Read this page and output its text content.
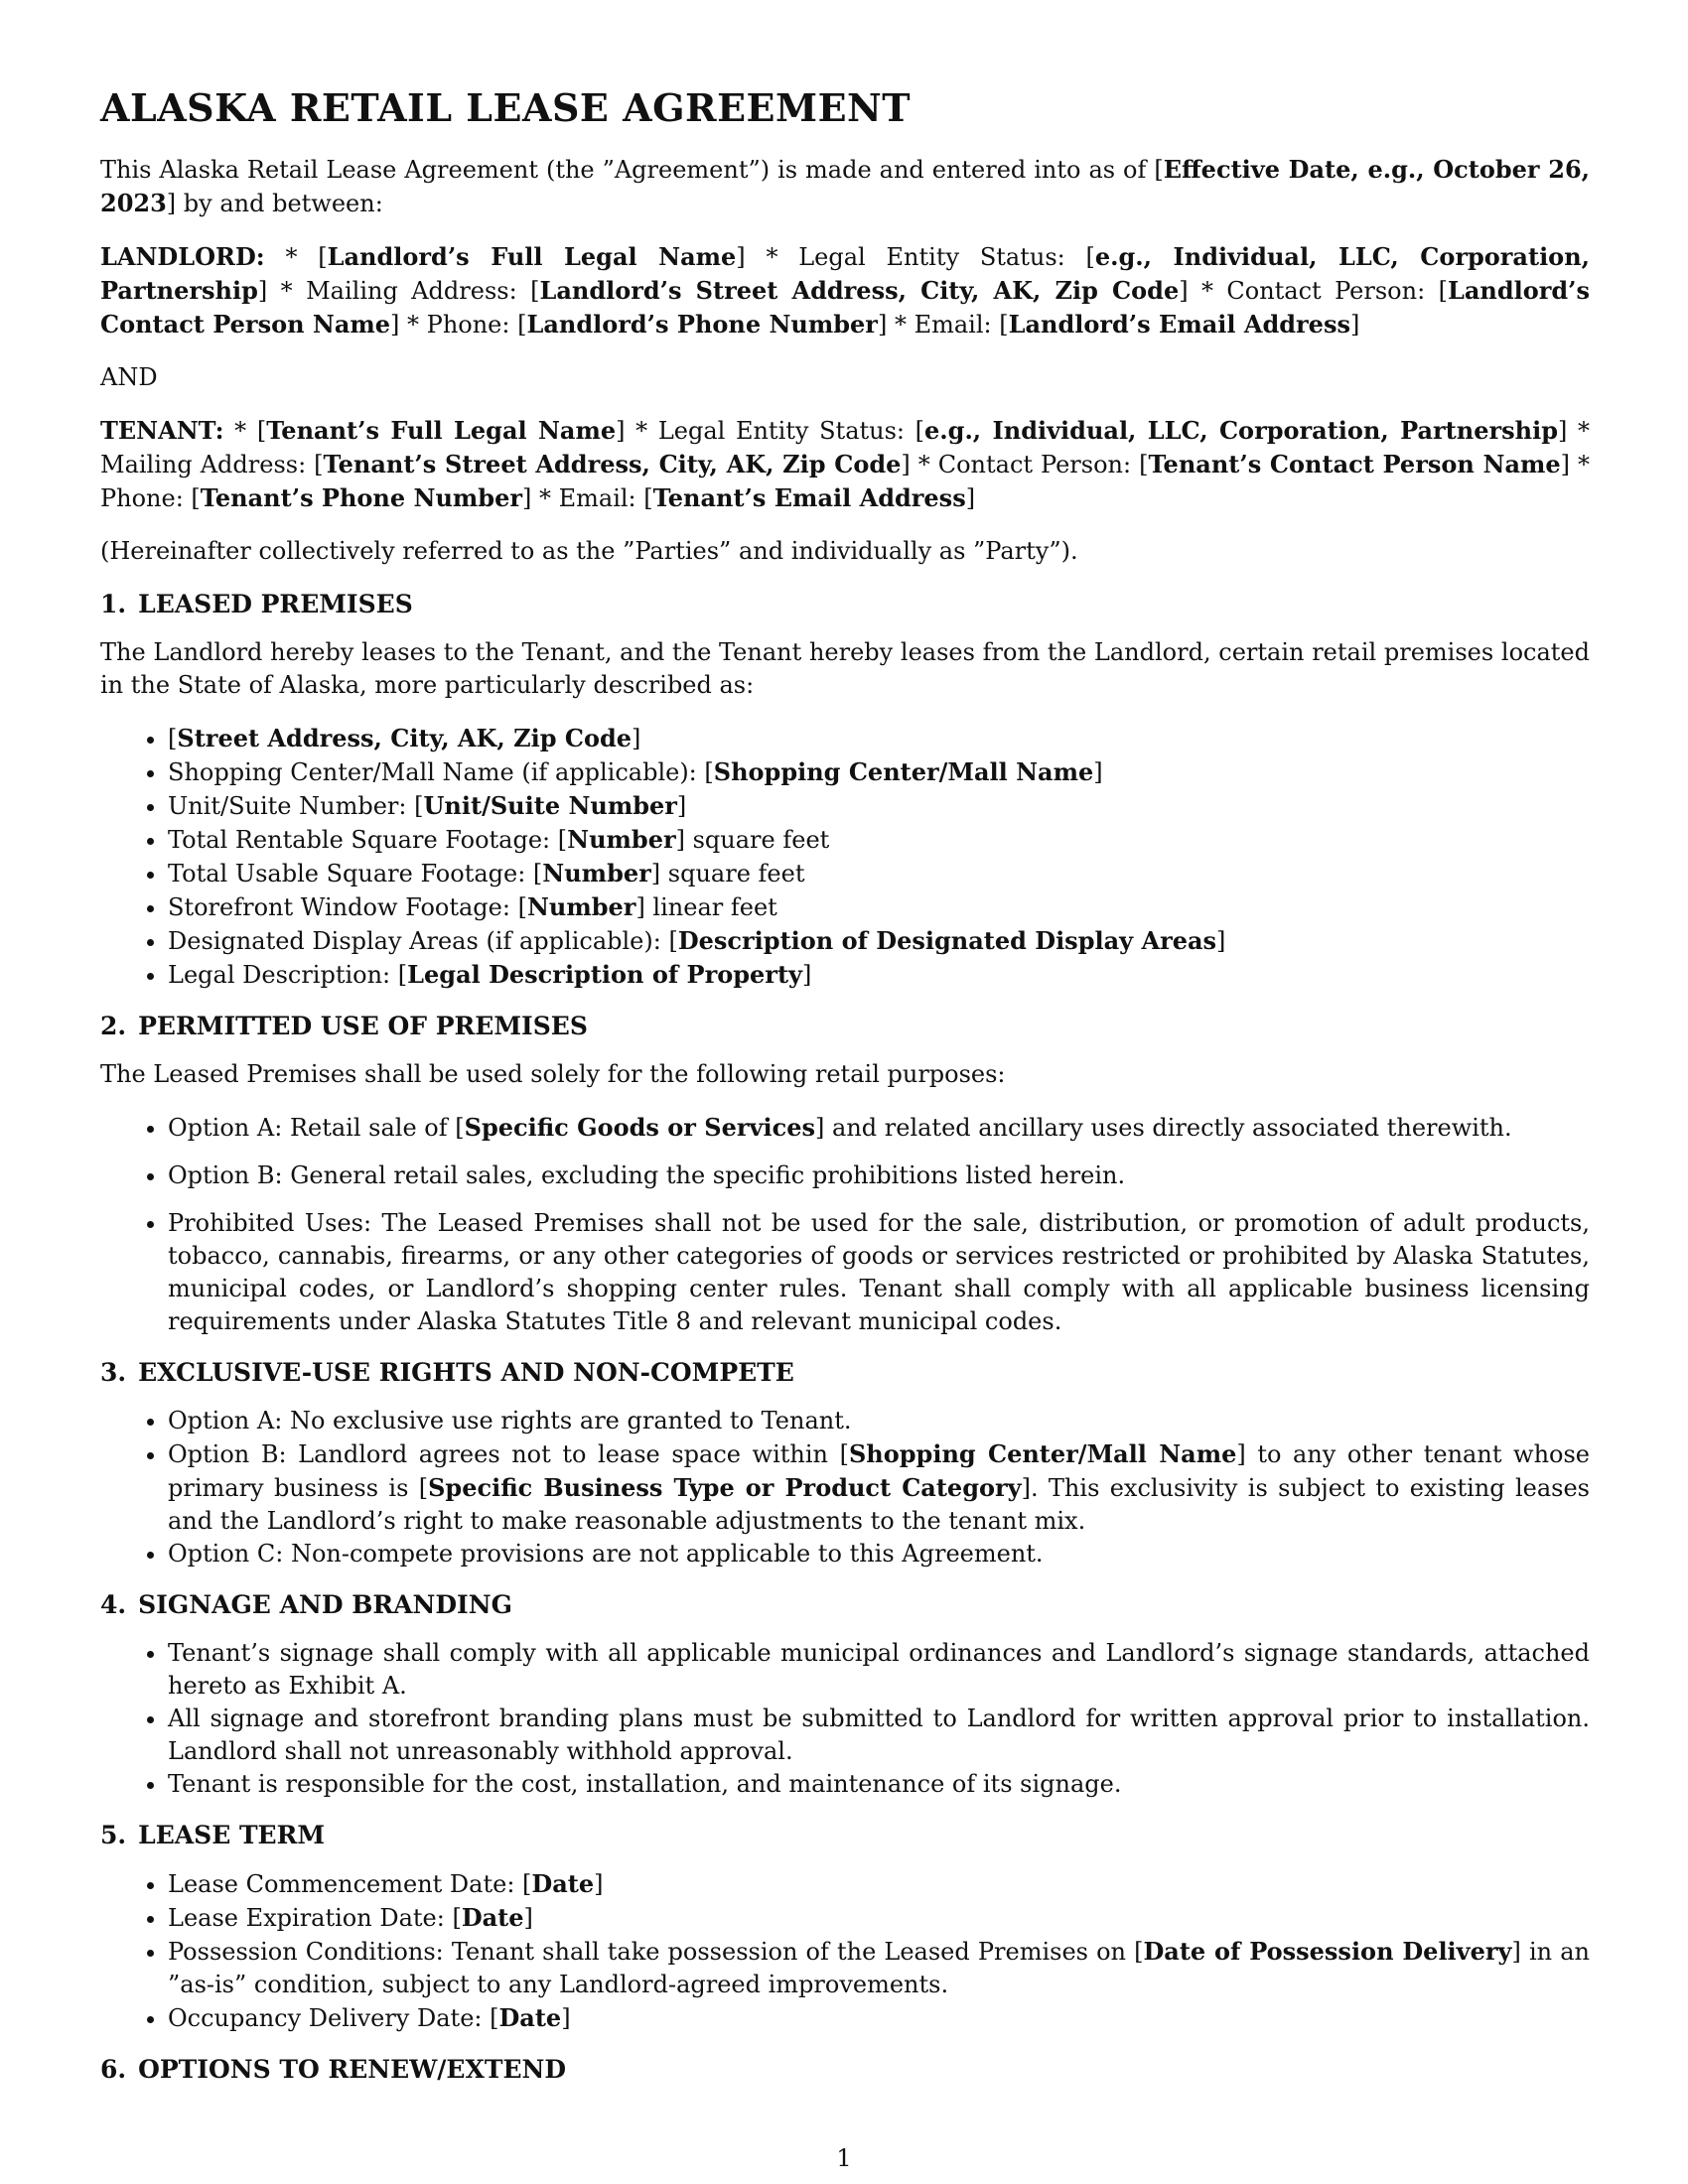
ALASKA RETAIL LEASE AGREEMENT

This Alaska Retail Lease Agreement (the ”Agreement”) is made and entered into as of [Effective Date, e.g., October 26, 2023] by and between:

LANDLORD: * [Landlord’s Full Legal Name] * Legal Entity Status: [e.g., Individual, LLC, Corporation, Partnership] * Mailing Address: [Landlord’s Street Address, City, AK, Zip Code] * Contact Person: [Landlord’s Contact Person Name] * Phone: [Landlord’s Phone Number] * Email: [Landlord’s Email Address]

AND

TENANT: * [Tenant’s Full Legal Name] * Legal Entity Status: [e.g., Individual, LLC, Corporation, Partnership] * Mailing Address: [Tenant’s Street Address, City, AK, Zip Code] * Contact Person: [Tenant’s Contact Person Name] * Phone: [Tenant’s Phone Number] * Email: [Tenant’s Email Address]

(Hereinafter collectively referred to as the ”Parties” and individually as ”Party”).

1. LEASED PREMISES

The Landlord hereby leases to the Tenant, and the Tenant hereby leases from the Landlord, certain retail premises located in the State of Alaska, more particularly described as:

• [Street Address, City, AK, Zip Code]
• Shopping Center/Mall Name (if applicable): [Shopping Center/Mall Name]
• Unit/Suite Number: [Unit/Suite Number]
• Total Rentable Square Footage: [Number] square feet
• Total Usable Square Footage: [Number] square feet
• Storefront Window Footage: [Number] linear feet
• Designated Display Areas (if applicable): [Description of Designated Display Areas]
• Legal Description: [Legal Description of Property]
2. PERMITTED USE OF PREMISES

The Leased Premises shall be used solely for the following retail purposes:

• Option A: Retail sale of [Specific Goods or Services] and related ancillary uses directly associated therewith.
• Option B: General retail sales, excluding the specific prohibitions listed herein.
• Prohibited Uses: The Leased Premises shall not be used for the sale, distribution, or promotion of adult products, tobacco, cannabis, firearms, or any other categories of goods or services restricted or prohibited by Alaska Statutes, municipal codes, or Landlord’s shopping center rules. Tenant shall comply with all applicable business licensing requirements under Alaska Statutes Title 8 and relevant municipal codes.
3. EXCLUSIVE-USE RIGHTS AND NON-COMPETE
• Option A: No exclusive use rights are granted to Tenant.
• Option B: Landlord agrees not to lease space within [Shopping Center/Mall Name] to any other tenant whose primary business is [Specific Business Type or Product Category]. This exclusivity is subject to existing leases and the Landlord’s right to make reasonable adjustments to the tenant mix.
• Option C: Non-compete provisions are not applicable to this Agreement.
4. SIGNAGE AND BRANDING
• Tenant’s signage shall comply with all applicable municipal ordinances and Landlord’s signage standards, attached hereto as Exhibit A.
• All signage and storefront branding plans must be submitted to Landlord for written approval prior to installation. Landlord shall not unreasonably withhold approval.
• Tenant is responsible for the cost, installation, and maintenance of its signage.
5. LEASE TERM
• Lease Commencement Date: [Date]
• Lease Expiration Date: [Date]
• Possession Conditions: Tenant shall take possession of the Leased Premises on [Date of Possession Delivery] in an ”as-is” condition, subject to any Landlord-agreed improvements.
• Occupancy Delivery Date: [Date]
6. OPTIONS TO RENEW/EXTEND
1
